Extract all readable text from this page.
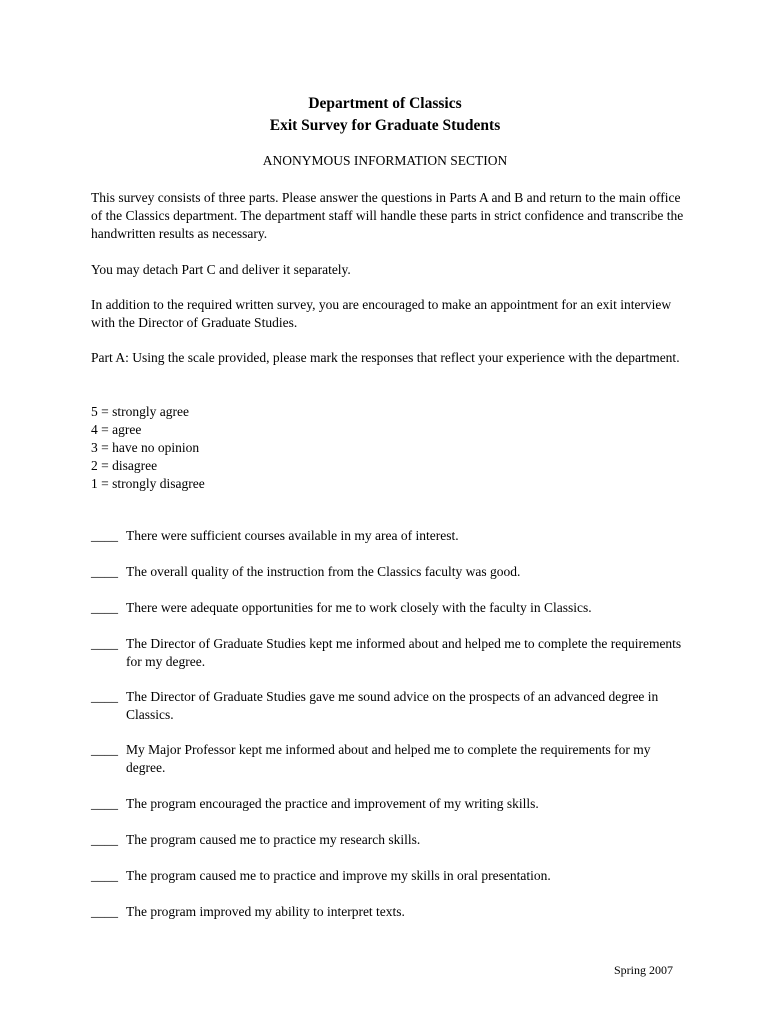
Department of Classics
Exit Survey for Graduate Students
ANONYMOUS INFORMATION SECTION

This survey consists of three parts. Please answer the questions in Parts A and B and return to the main office of the Classics department. The department staff will handle these parts in strict confidence and transcribe the handwritten results as necessary.

You may detach Part C and deliver it separately.

In addition to the required written survey, you are encouraged to make an appointment for an exit interview with the Director of Graduate Studies.

Part A: Using the scale provided, please mark the responses that reflect your experience with the department.
5 = strongly agree
4 = agree
3 = have no opinion
2 = disagree
1 = strongly disagree
____ There were sufficient courses available in my area of interest.
____ The overall quality of the instruction from the Classics faculty was good.
____ There were adequate opportunities for me to work closely with the faculty in Classics.
____ The Director of Graduate Studies kept me informed about and helped me to complete the requirements for my degree.
____ The Director of Graduate Studies gave me sound advice on the prospects of an advanced degree in Classics.
____ My Major Professor kept me informed about and helped me to complete the requirements for my degree.
____ The program encouraged the practice and improvement of my writing skills.
____ The program caused me to practice my research skills.
____ The program caused me to practice and improve my skills in oral presentation.
____ The program improved my ability to interpret texts.
Spring 2007
